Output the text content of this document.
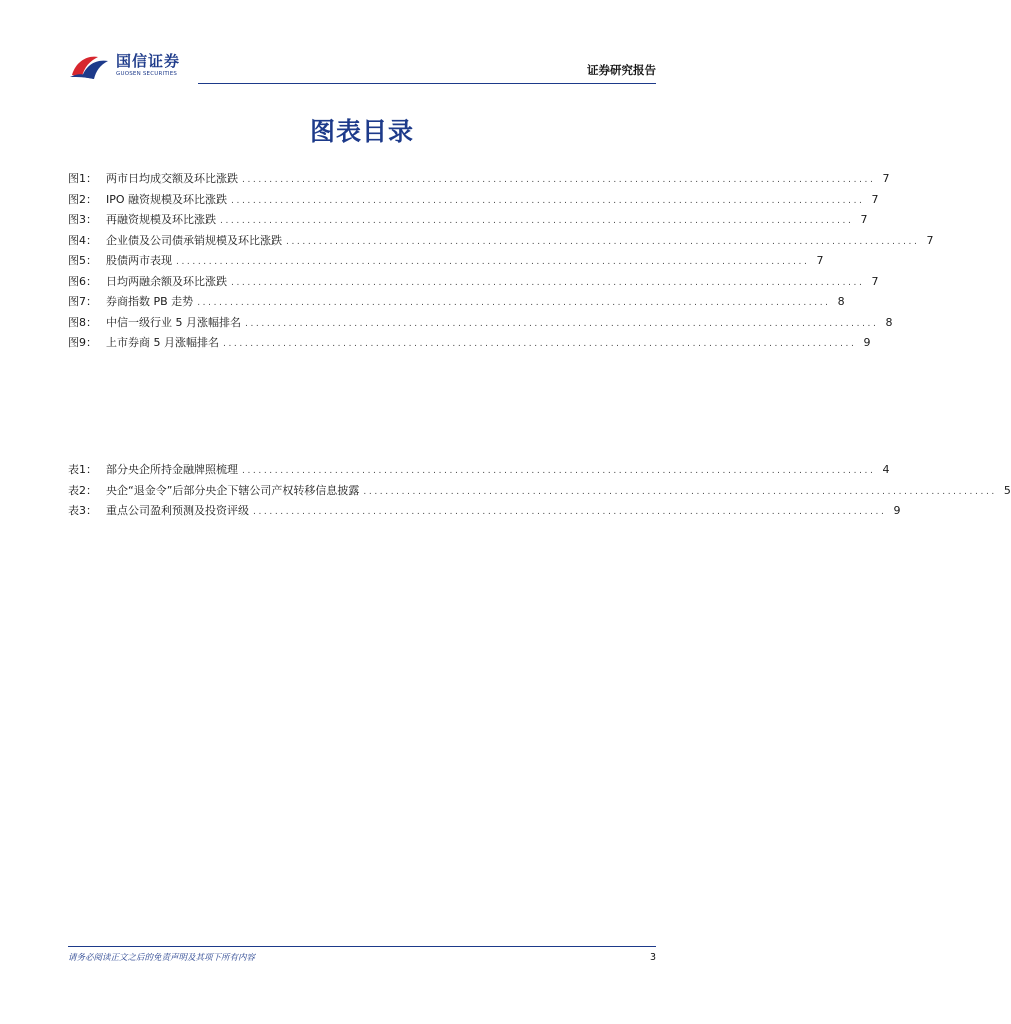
国信证券
GUOSEN SECURITIES	证券研究报告
图表目录
图1： 两市日均成交额及环比涨跌 .................................................................................................................... 7
图2： IPO 融资规模及环比涨跌 .................................................................................................................... 7
图3： 再融资规模及环比涨跌 .................................................................................................................... 7
图4： 企业债及公司债承销规模及环比涨跌 .................................................................................................................... 7
图5： 股债两市表现 .................................................................................................................... 7
图6： 日均两融余额及环比涨跌 .................................................................................................................... 7
图7： 券商指数 PB 走势 .................................................................................................................... 8
图8： 中信一级行业 5 月涨幅排名 .................................................................................................................... 8
图9： 上市券商 5 月涨幅排名 .................................................................................................................... 9
表1： 部分央企所持金融牌照梳理 .................................................................................................................... 4
表2： 央企“退金令”后部分央企下辖公司产权转移信息披露 .................................................................................................................... 5
表3： 重点公司盈利预测及投资评级 .................................................................................................................... 9
请务必阅读正文之后的免责声明及其项下所有内容	3
